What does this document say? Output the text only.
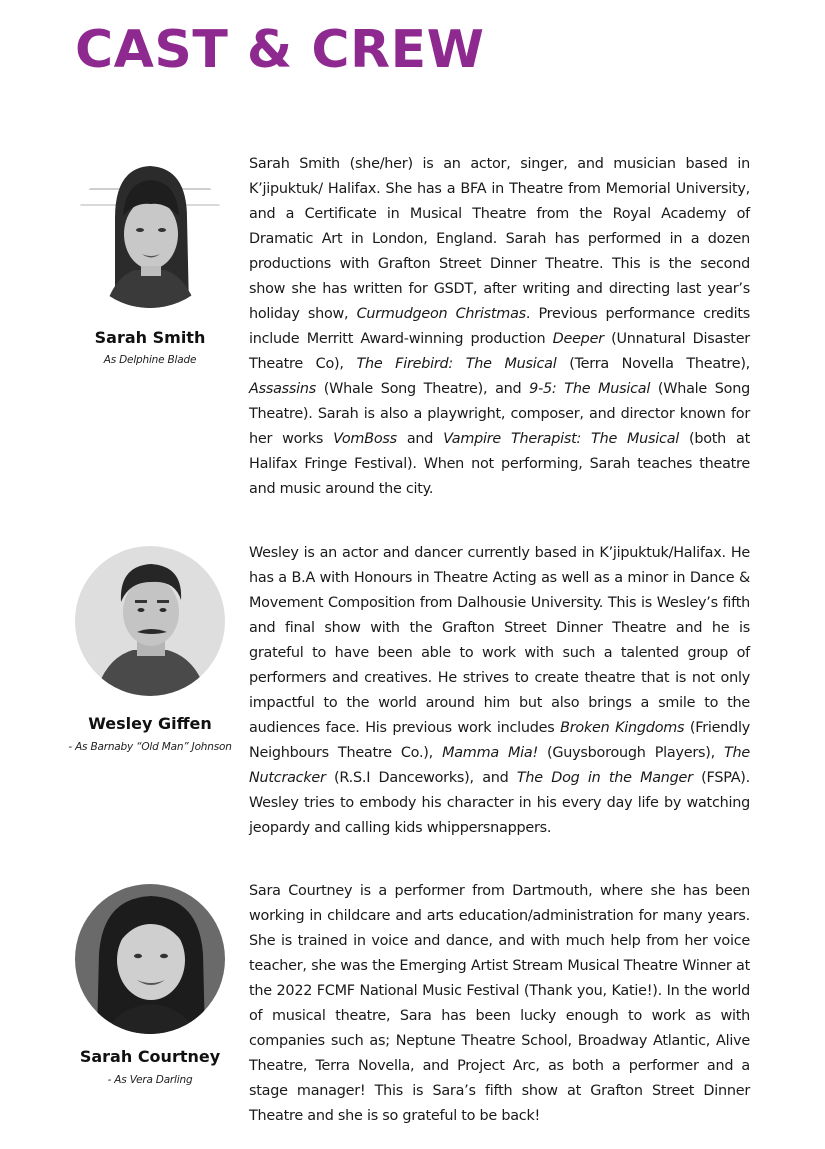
CAST & CREW
Sarah Smith
As Delphine Blade

Sarah Smith (she/her) is an actor, singer, and musician based in K’jipuktuk/ Halifax. She has a BFA in Theatre from Memorial University, and a Certificate in Musical Theatre from the Royal Academy of Dramatic Art in London, England. Sarah has performed in a dozen productions with Grafton Street Dinner Theatre. This is the second show she has written for GSDT, after writing and directing last year’s holiday show, Curmudgeon Christmas. Previous performance credits include Merritt Award-winning production Deeper (Unnatural Disaster Theatre Co), The Firebird: The Musical (Terra Novella Theatre), Assassins (Whale Song Theatre), and 9-5: The Musical (Whale Song Theatre). Sarah is also a playwright, composer, and director known for her works VomBoss and Vampire Therapist: The Musical (both at Halifax Fringe Festival). When not performing, Sarah teaches theatre and music around the city.

Wesley Giffen
- As Barnaby “Old Man” Johnson

Wesley is an actor and dancer currently based in K’jipuktuk/Halifax. He has a B.A with Honours in Theatre Acting as well as a minor in Dance & Movement Composition from Dalhousie University. This is Wesley’s fifth and final show with the Grafton Street Dinner Theatre and he is grateful to have been able to work with such a talented group of performers and creatives. He strives to create theatre that is not only impactful to the world around him but also brings a smile to the audiences face. His previous work includes Broken Kingdoms (Friendly Neighbours Theatre Co.), Mamma Mia! (Guysborough Players), The Nutcracker (R.S.I Danceworks), and The Dog in the Manger (FSPA). Wesley tries to embody his character in his every day life by watching jeopardy and calling kids whippersnappers.

Sarah Courtney
- As Vera Darling

Sara Courtney is a performer from Dartmouth, where she has been working in childcare and arts education/administration for many years. She is trained in voice and dance, and with much help from her voice teacher, she was the Emerging Artist Stream Musical Theatre Winner at the 2022 FCMF National Music Festival (Thank you, Katie!). In the world of musical theatre, Sara has been lucky enough to work as with companies such as; Neptune Theatre School, Broadway Atlantic, Alive Theatre, Terra Novella, and Project Arc, as both a performer and a stage manager! This is Sara’s fifth show at Grafton Street Dinner Theatre and she is so grateful to be back!
